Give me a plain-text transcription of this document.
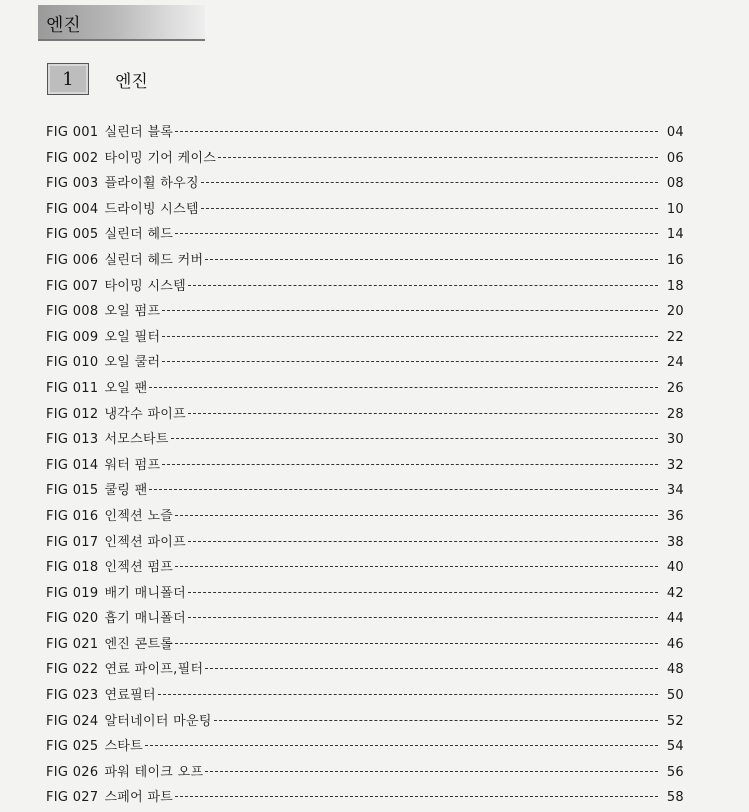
엔진
1	엔진
FIG 001 실린더 블록	04
FIG 002 타이밍 기어 케이스	06
FIG 003 플라이휠 하우징	08
FIG 004 드라이빙 시스템	10
FIG 005 실린더 헤드	14
FIG 006 실린더 헤드 커버	16
FIG 007 타이밍 시스템	18
FIG 008 오일 펌프	20
FIG 009 오일 필터	22
FIG 010 오일 쿨러	24
FIG 011 오일 팬	26
FIG 012 냉각수 파이프	28
FIG 013 서모스타트	30
FIG 014 워터 펌프	32
FIG 015 쿨링 팬	34
FIG 016 인젝션 노즐	36
FIG 017 인젝션 파이프	38
FIG 018 인젝션 펌프	40
FIG 019 배기 매니폴더	42
FIG 020 흡기 매니폴더	44
FIG 021 엔진 콘트롤	46
FIG 022 연료 파이프,필터	48
FIG 023 연료필터	50
FIG 024 알터네이터 마운팅	52
FIG 025 스타트	54
FIG 026 파워 테이크 오프	56
FIG 027 스페어 파트	58
